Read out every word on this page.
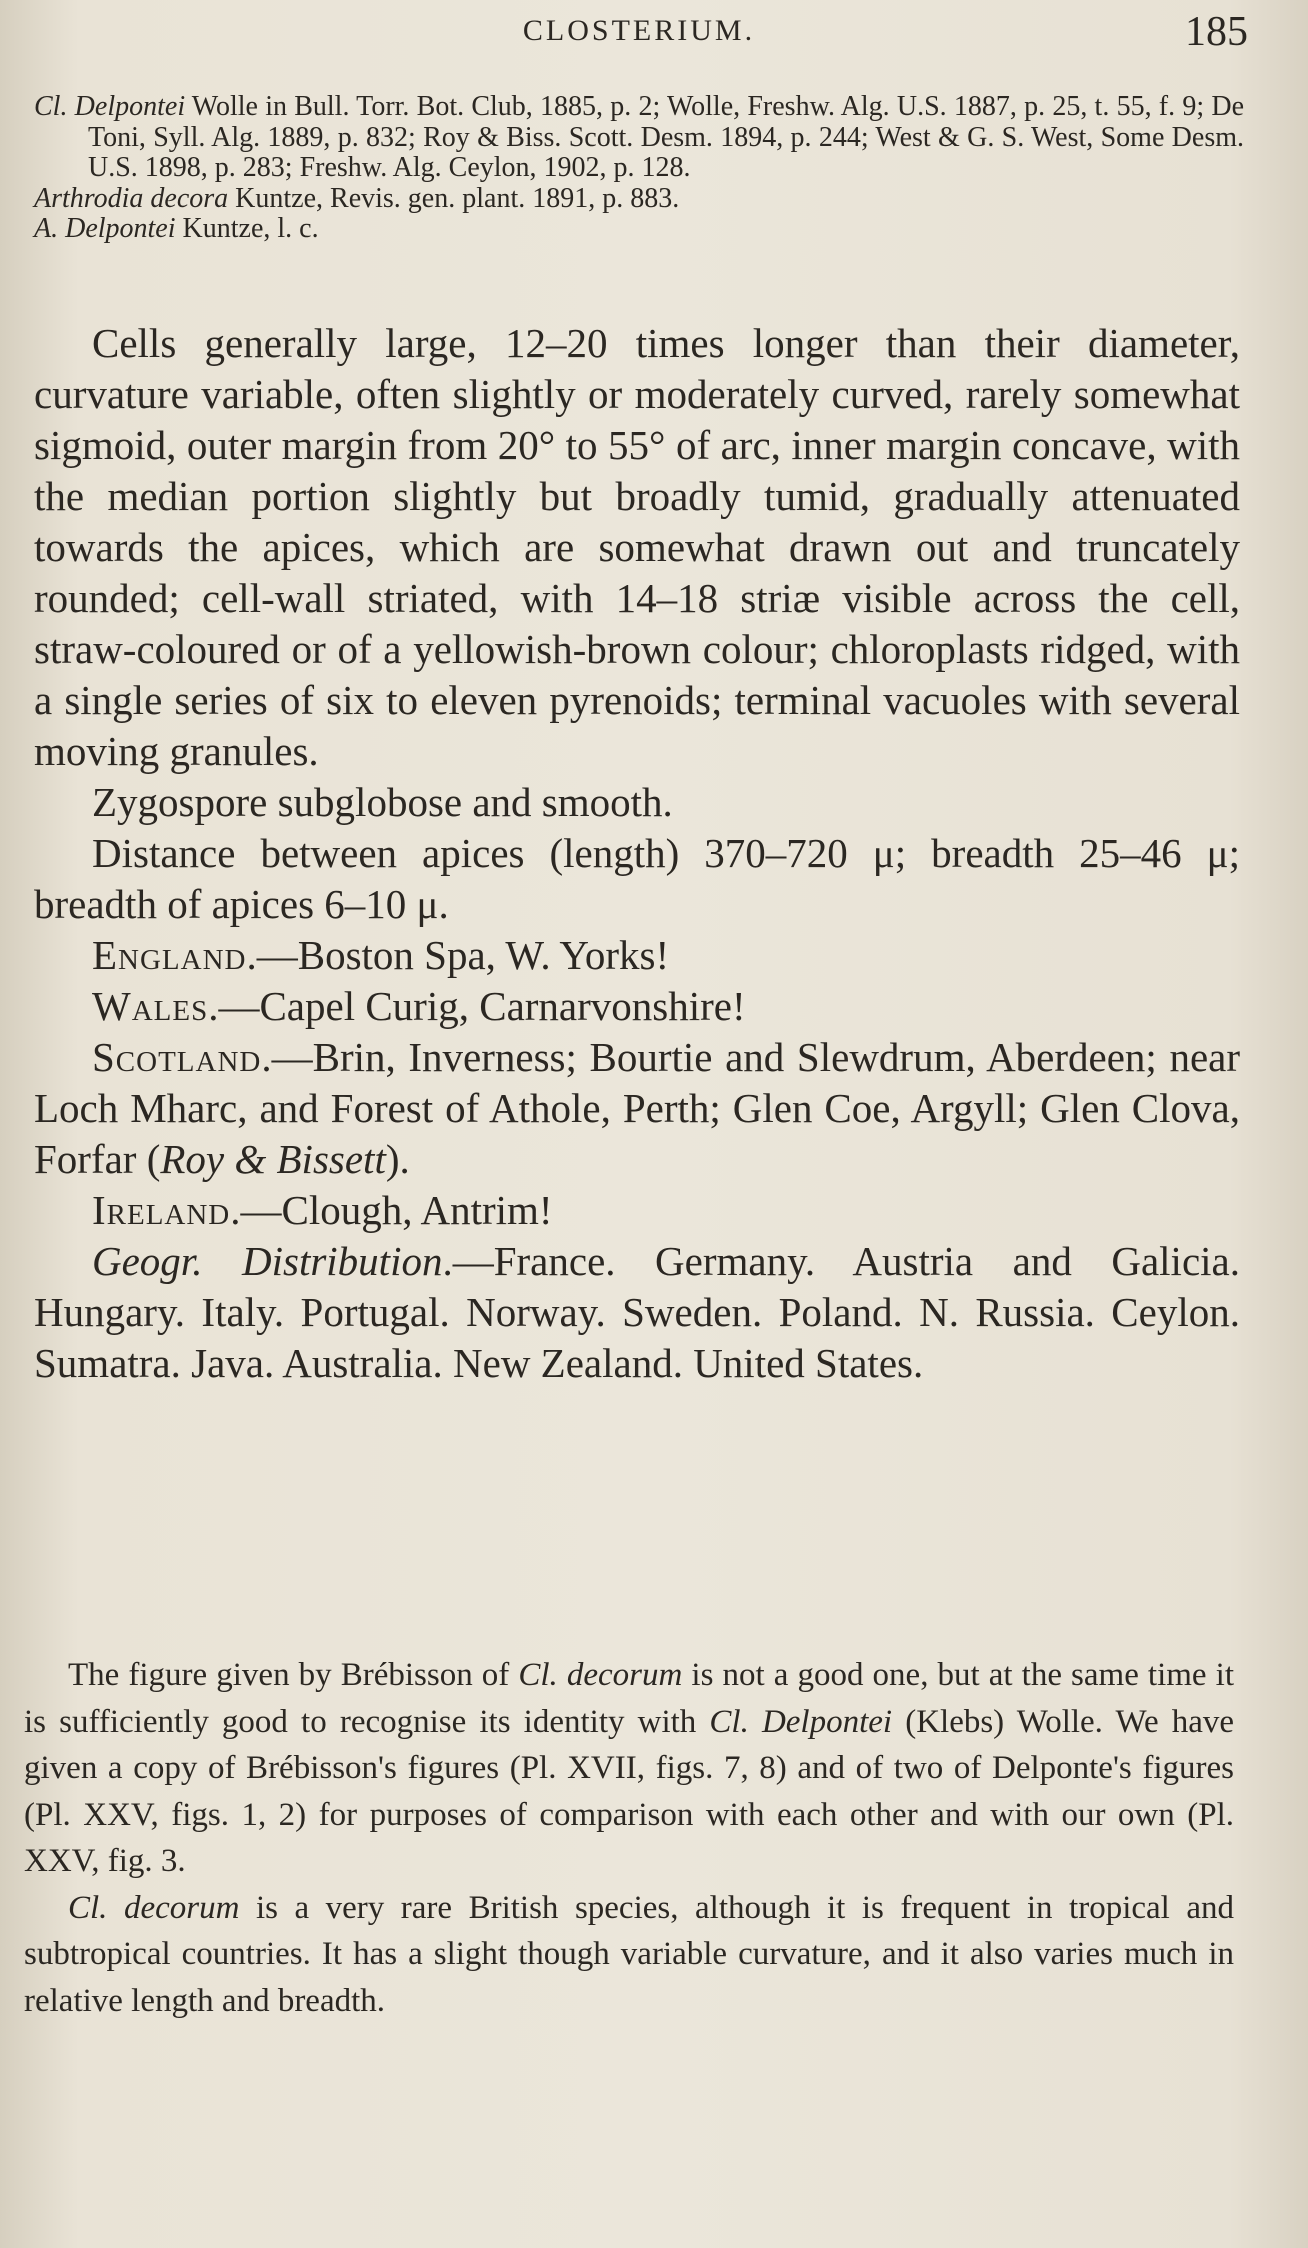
CLOSTERIUM.	185

Cl. Delpontei Wolle in Bull. Torr. Bot. Club, 1885, p. 2; Wolle, Freshw. Alg. U.S. 1887, p. 25, t. 55, f. 9; De Toni, Syll. Alg. 1889, p. 832; Roy & Biss. Scott. Desm. 1894, p. 244; West & G. S. West, Some Desm. U.S. 1898, p. 283; Freshw. Alg. Ceylon, 1902, p. 128.

Arthrodia decora Kuntze, Revis. gen. plant. 1891, p. 883.

A. Delpontei Kuntze, l. c.

Cells generally large, 12–20 times longer than their diameter, curvature variable, often slightly or moderately curved, rarely somewhat sigmoid, outer margin from 20° to 55° of arc, inner margin concave, with the median portion slightly but broadly tumid, gradually attenuated towards the apices, which are somewhat drawn out and truncately rounded; cell-wall striated, with 14–18 striæ visible across the cell, straw-coloured or of a yellowish-brown colour; chloroplasts ridged, with a single series of six to eleven pyrenoids; terminal vacuoles with several moving granules.

Zygospore subglobose and smooth.

Distance between apices (length) 370–720 μ; breadth 25–46 μ; breadth of apices 6–10 μ.

England.—Boston Spa, W. Yorks!

Wales.—Capel Curig, Carnarvonshire!

Scotland.—Brin, Inverness; Bourtie and Slewdrum, Aberdeen; near Loch Mharc, and Forest of Athole, Perth; Glen Coe, Argyll; Glen Clova, Forfar (Roy & Bissett).

Ireland.—Clough, Antrim!

Geogr. Distribution.—France. Germany. Austria and Galicia. Hungary. Italy. Portugal. Norway. Sweden. Poland. N. Russia. Ceylon. Sumatra. Java. Australia. New Zealand. United States.

The figure given by Brébisson of Cl. decorum is not a good one, but at the same time it is sufficiently good to recognise its identity with Cl. Delpontei (Klebs) Wolle. We have given a copy of Brébisson's figures (Pl. XVII, figs. 7, 8) and of two of Delponte's figures (Pl. XXV, figs. 1, 2) for purposes of comparison with each other and with our own (Pl. XXV, fig. 3.

Cl. decorum is a very rare British species, although it is frequent in tropical and subtropical countries. It has a slight though variable curvature, and it also varies much in relative length and breadth.
